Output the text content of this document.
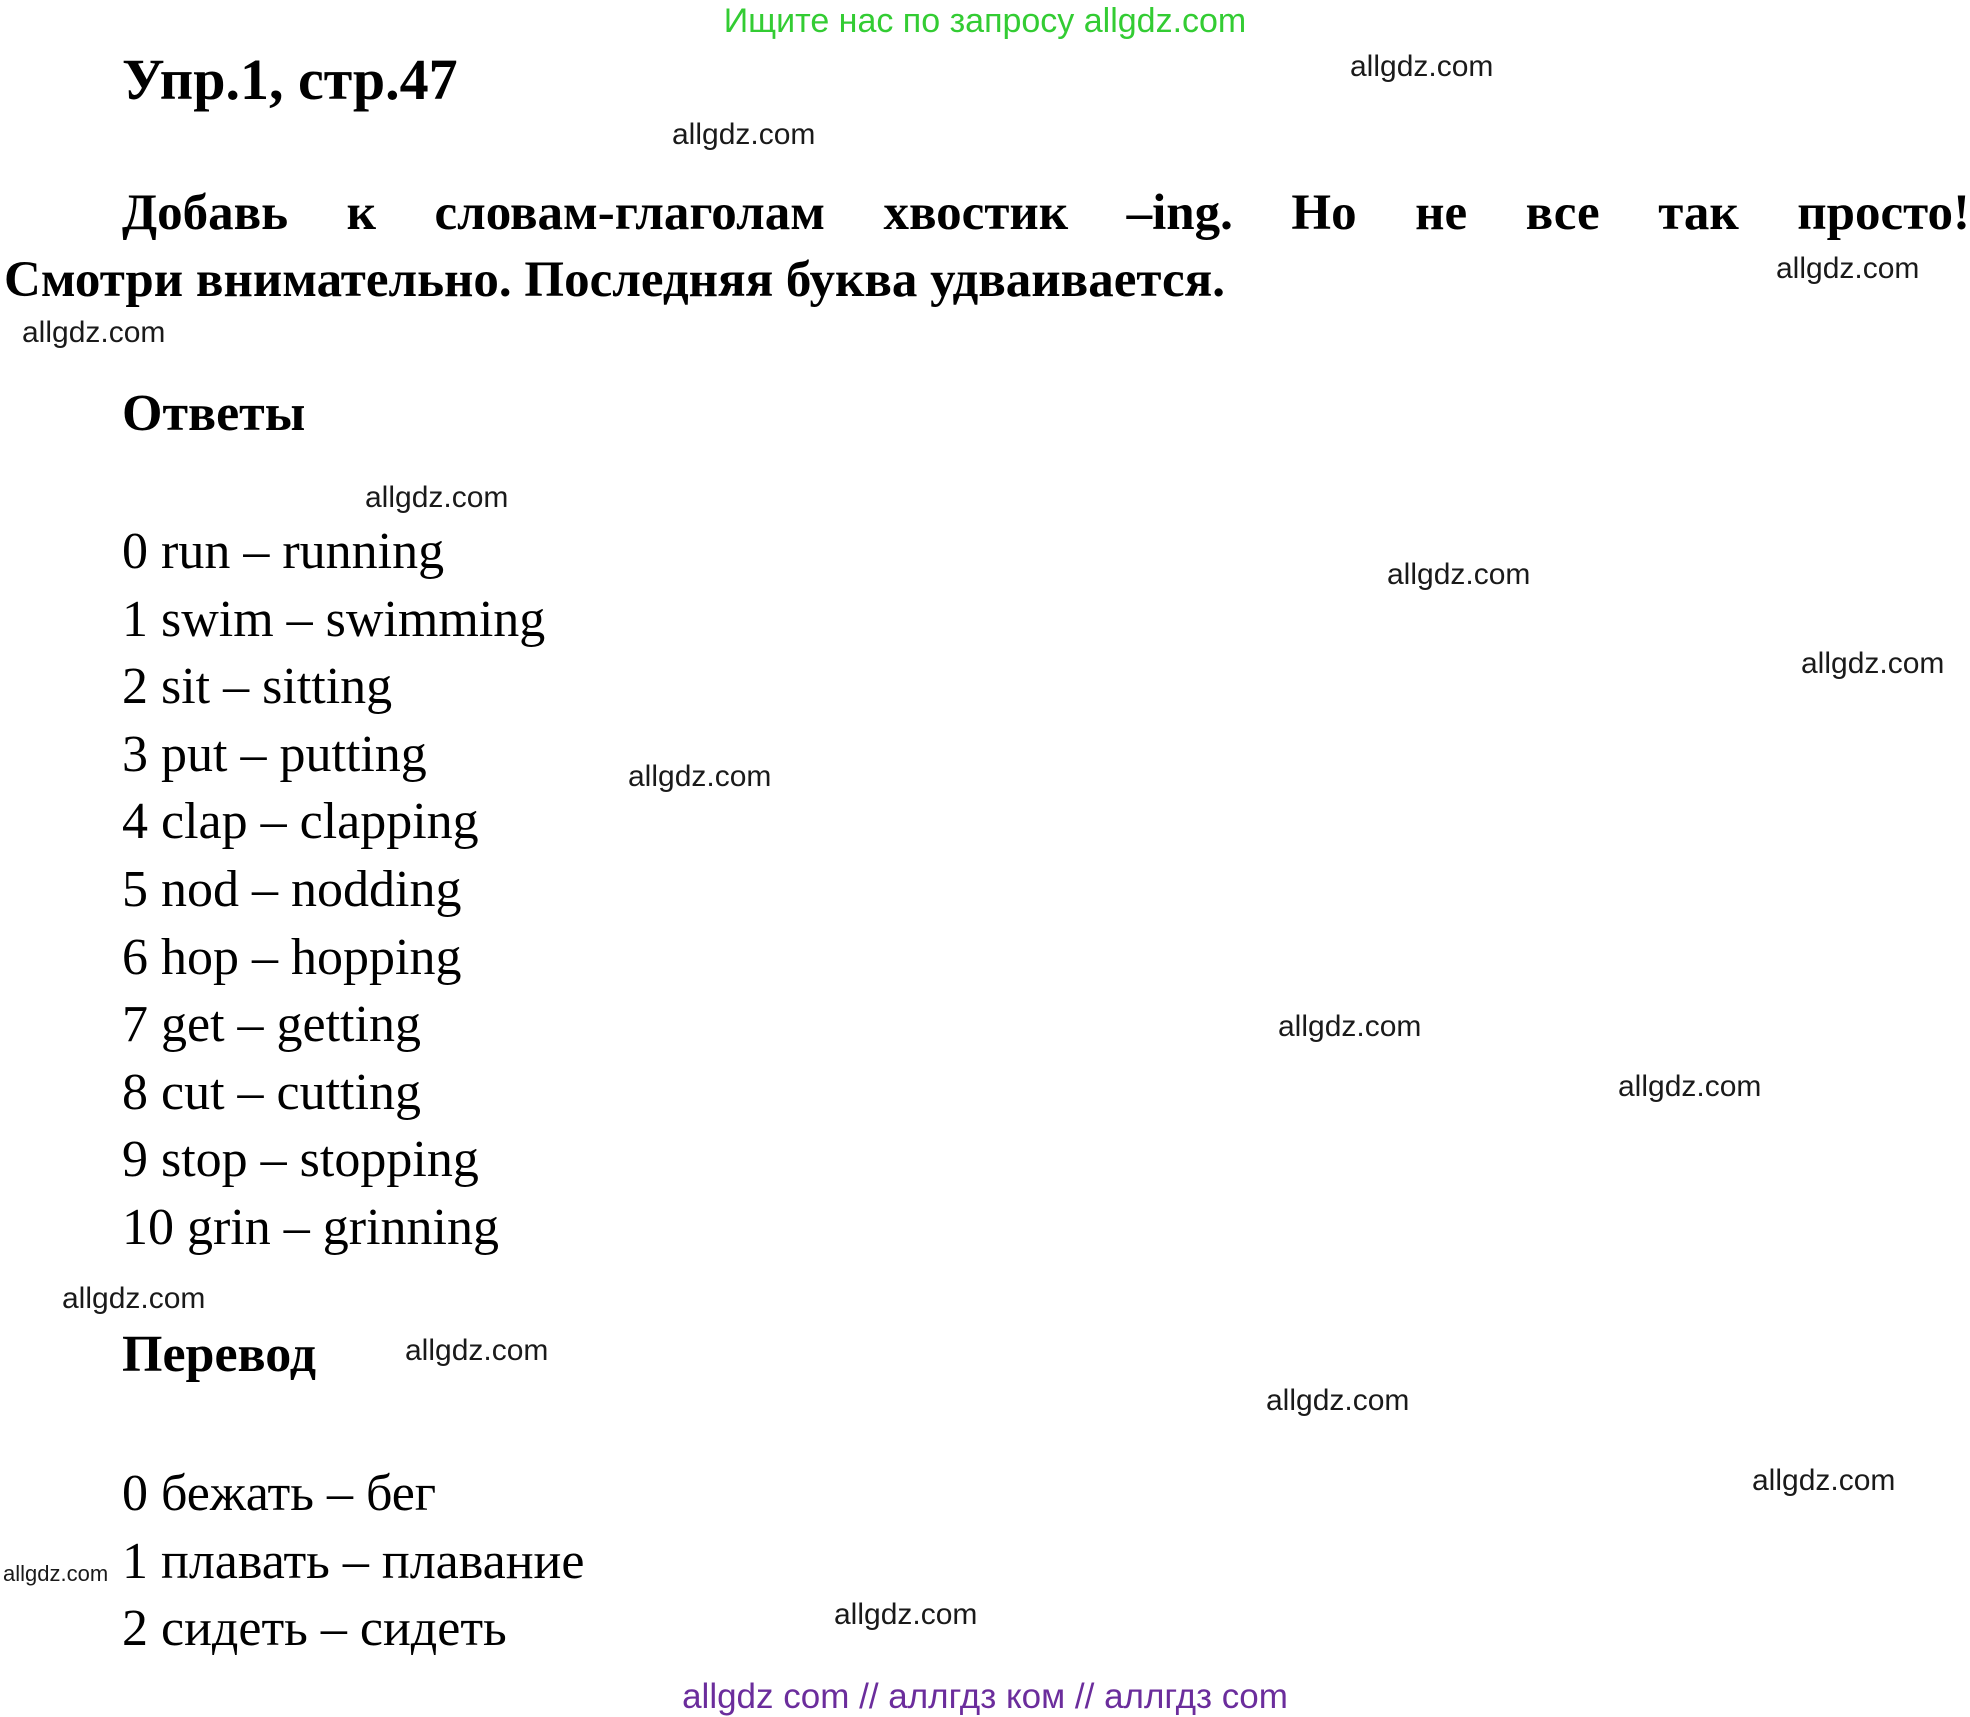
Ищите нас по запросу allgdz.com
Упр.1, стр.47
Добавь к словам-глаголам хвостик –ing. Но не все так просто!
Смотри внимательно. Последняя буква удваивается.
Ответы
0 run – running
1 swim – swimming
2 sit – sitting
3 put – putting
4 clap – clapping
5 nod – nodding
6 hop – hopping
7 get – getting
8 cut – cutting
9 stop – stopping
10 grin – grinning
Перевод
0 бежать – бег
1 плавать – плавание
2 сидеть – сидеть
allgdz.com
allgdz.com
allgdz.com
allgdz.com
allgdz.com
allgdz.com
allgdz.com
allgdz.com
allgdz.com
allgdz.com
allgdz.com
allgdz.com
allgdz.com
allgdz.com
allgdz.com
allgdz.com
allgdz com // аллгдз ком // аллгдз com
